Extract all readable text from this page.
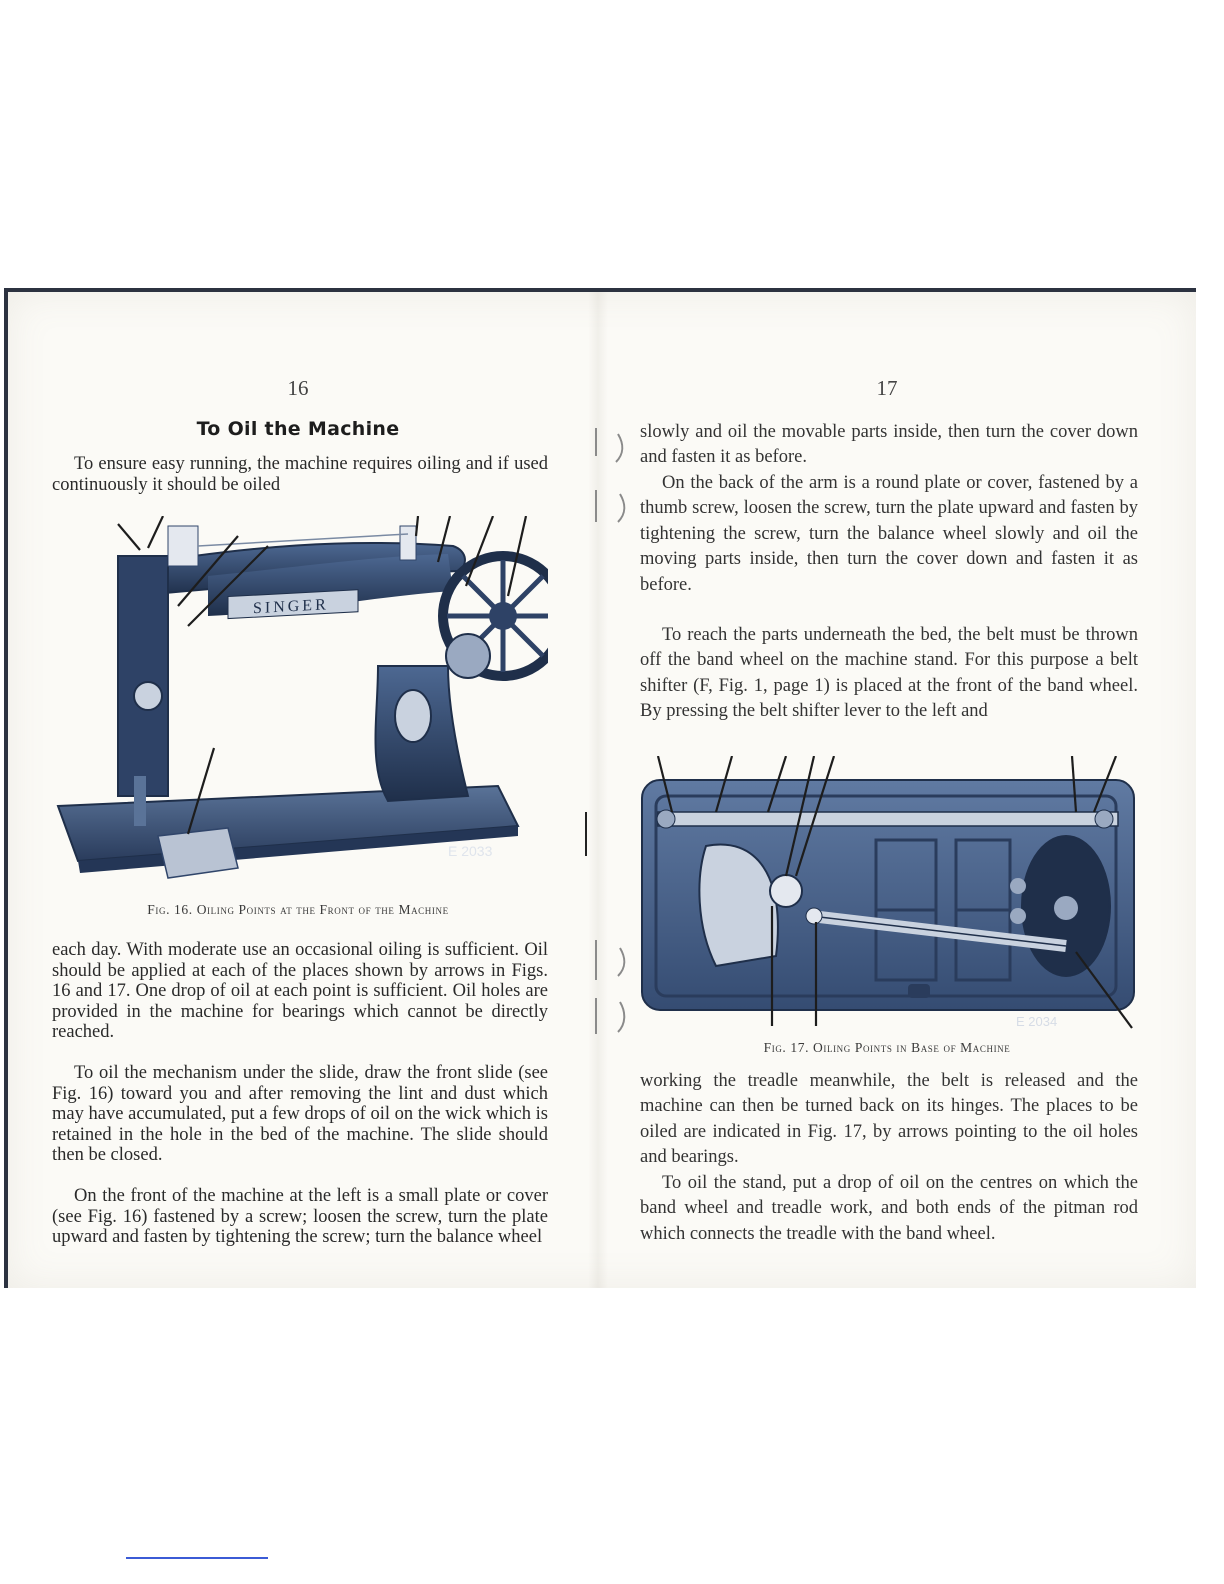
16
To Oil the Machine

To ensure easy running, the machine requires oiling and if used continuously it should be oiled

SINGER
E 2033
Fig. 16. Oiling Points at the Front of the Machine

each day. With moderate use an occasional oiling is sufficient. Oil should be applied at each of the places shown by arrows in Figs. 16 and 17. One drop of oil at each point is sufficient. Oil holes are provided in the machine for bearings which cannot be directly reached.

To oil the mechanism under the slide, draw the front slide (see Fig. 16) toward you and after removing the lint and dust which may have accumulated, put a few drops of oil on the wick which is retained in the hole in the bed of the machine. The slide should then be closed.

On the front of the machine at the left is a small plate or cover (see Fig. 16) fastened by a screw; loosen the screw, turn the plate upward and fasten by tightening the screw; turn the balance wheel

17

slowly and oil the movable parts inside, then turn the cover down and fasten it as before.

On the back of the arm is a round plate or cover, fastened by a thumb screw, loosen the screw, turn the plate upward and fasten by tightening the screw, turn the balance wheel slowly and oil the moving parts inside, then turn the cover down and fasten it as before.

To reach the parts underneath the bed, the belt must be thrown off the band wheel on the machine stand. For this purpose a belt shifter (F, Fig. 1, page 1) is placed at the front of the band wheel. By pressing the belt shifter lever to the left and

E 2034
Fig. 17. Oiling Points in Base of Machine

working the treadle meanwhile, the belt is released and the machine can then be turned back on its hinges. The places to be oiled are indicated in Fig. 17, by arrows pointing to the oil holes and bearings.

To oil the stand, put a drop of oil on the centres on which the band wheel and treadle work, and both ends of the pitman rod which connects the treadle with the band wheel.
